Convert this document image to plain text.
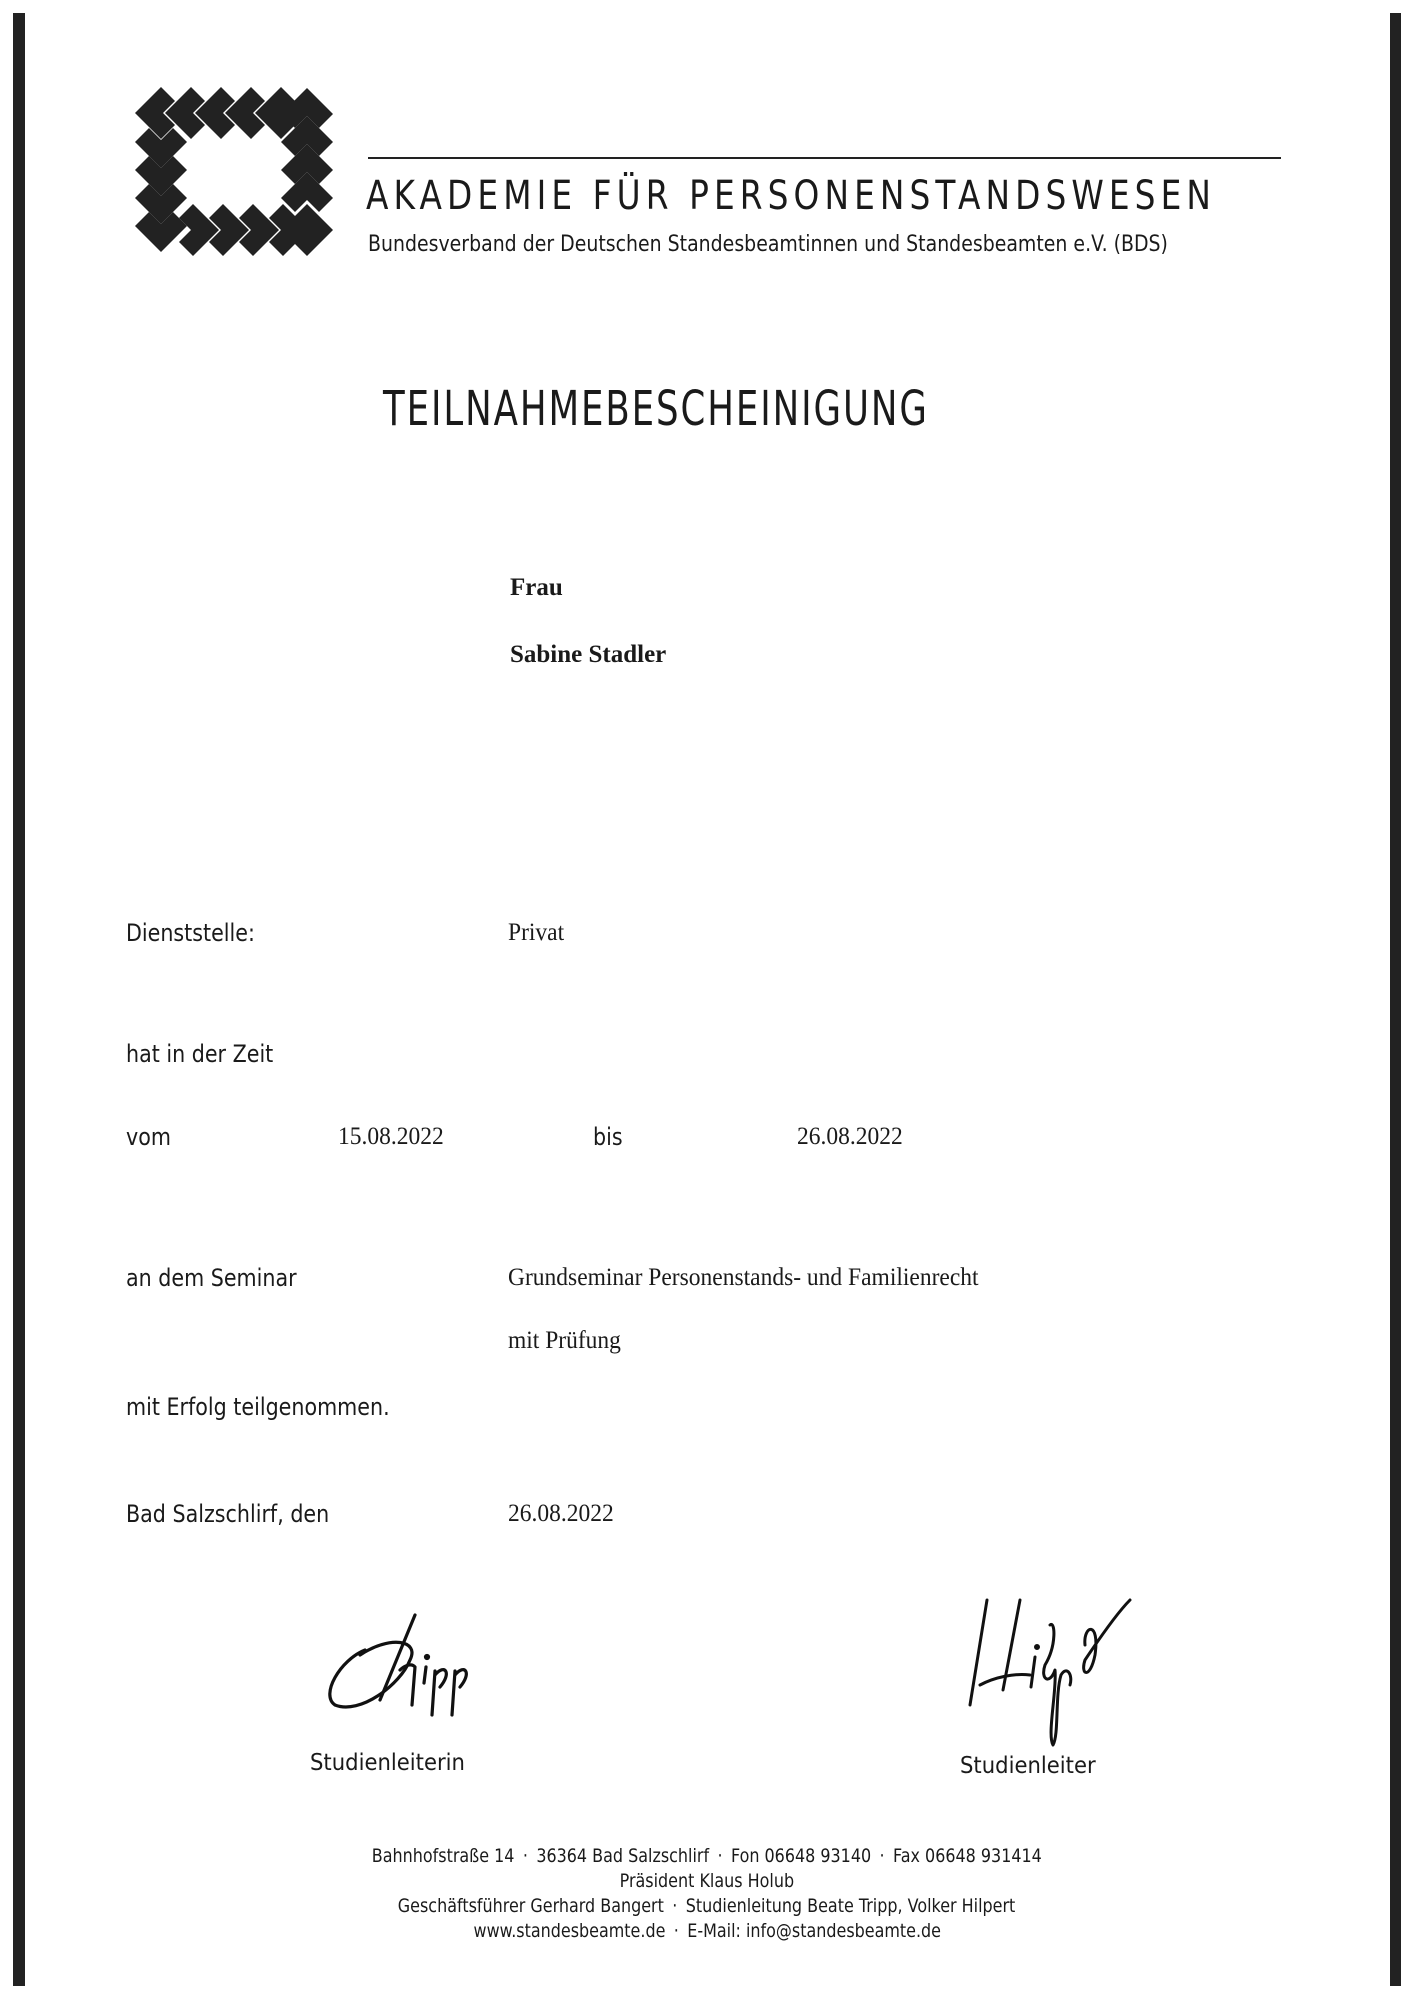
AKADEMIE FÜR PERSONENSTANDSWESEN
Bundesverband der Deutschen Standesbeamtinnen und Standesbeamten e.V. (BDS)
TEILNAHMEBESCHEINIGUNG
Frau
Sabine Stadler
Dienststelle:	Privat
hat in der Zeit
vom	15.08.2022	bis	26.08.2022
an dem Seminar	Grundseminar Personenstands- und Familienrecht
mit Prüfung
mit Erfolg teilgenommen.
Bad Salzschlirf, den	26.08.2022
Studienleiterin	Studienleiter
Bahnhofstraße 14 · 36364 Bad Salzschlirf · Fon 06648 93140 · Fax 06648 931414
Präsident Klaus Holub
Geschäftsführer Gerhard Bangert · Studienleitung Beate Tripp, Volker Hilpert
www.standesbeamte.de · E-Mail: info@standesbeamte.de
